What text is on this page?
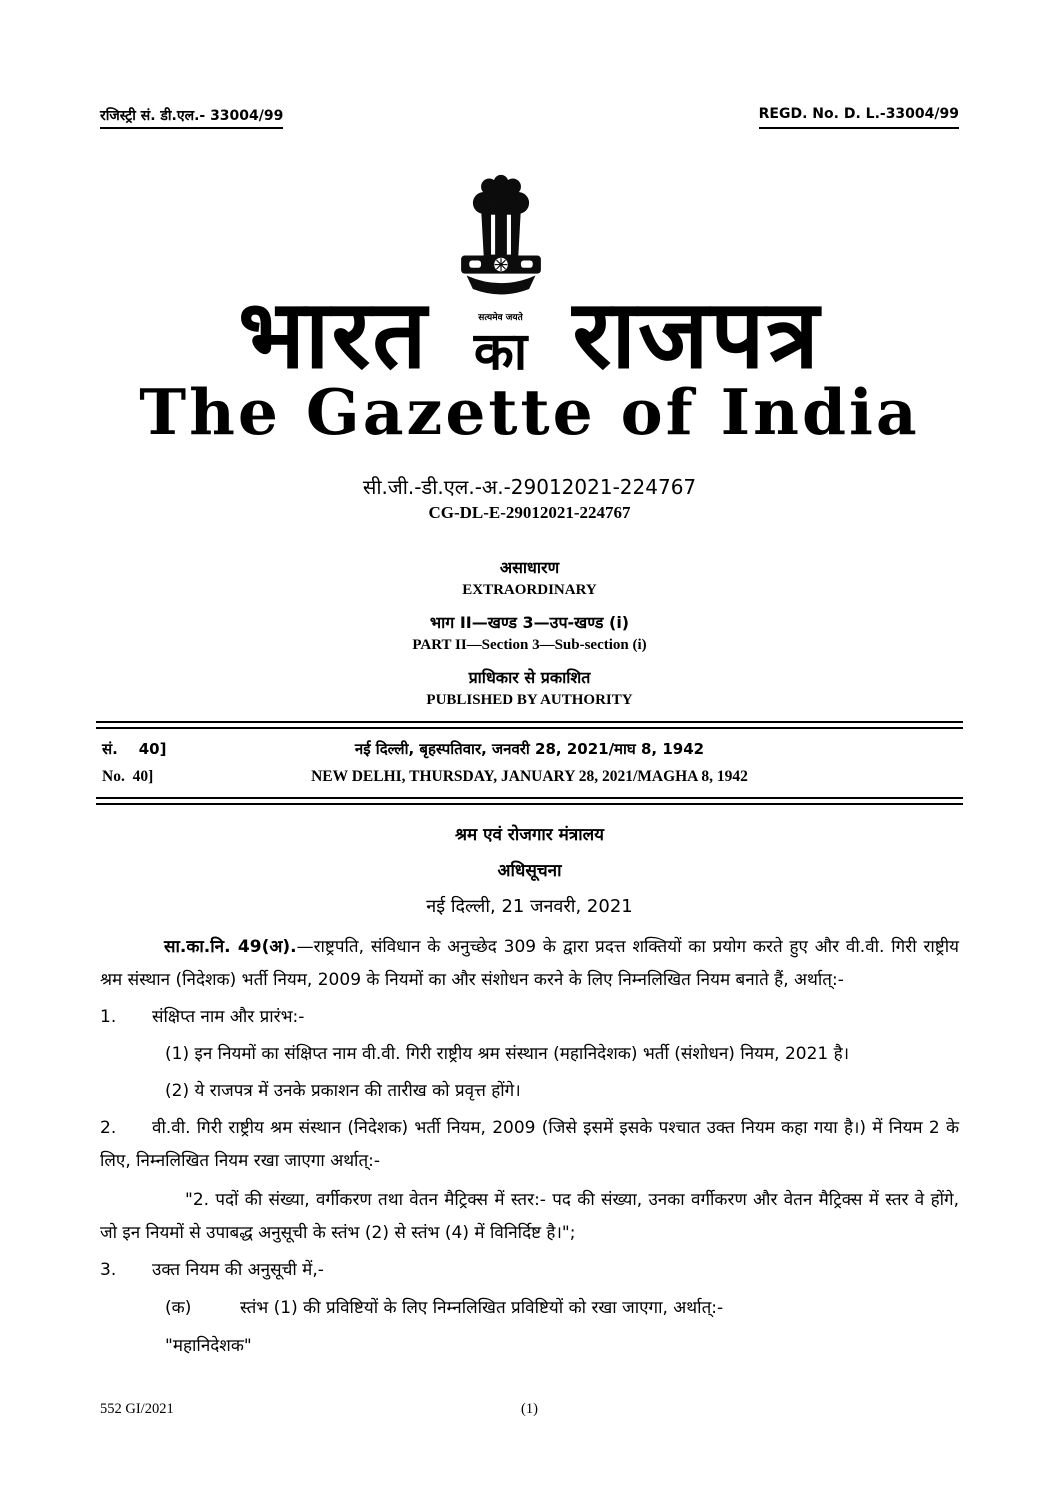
रजिस्ट्री सं. डी.एल.- 33004/99	REGD. No. D. L.-33004/99
भारत	सत्यमेव जयते
का राजपत्र
The Gazette of India
सी.जी.-डी.एल.-अ.-29012021-224767
CG-DL-E-29012021-224767
असाधारण
EXTRAORDINARY
भाग II—खण्ड 3—उप-खण्ड (i)
PART II—Section 3—Sub-section (i)
प्राधिकार से प्रकाशित
PUBLISHED BY AUTHORITY
सं.    40]	नई दिल्ली, बृहस्पतिवार, जनवरी 28, 2021/माघ 8, 1942
No.  40]	NEW DELHI, THURSDAY, JANUARY 28, 2021/MAGHA 8, 1942
श्रम एवं रोजगार मंत्रालय
अधिसूचना
नई दिल्ली, 21 जनवरी, 2021

सा.का.नि. 49(अ).—राष्ट्रपति, संविधान के अनुच्छेद 309 के द्वारा प्रदत्त शक्तियों का प्रयोग करते हुए और वी.वी. गिरी राष्ट्रीय श्रम संस्थान (निदेशक) भर्ती नियम, 2009 के नियमों का और संशोधन करने के लिए निम्नलिखित नियम बनाते हैं, अर्थात्:-

1. संक्षिप्त नाम और प्रारंभ:-

(1) इन नियमों का संक्षिप्त नाम वी.वी. गिरी राष्ट्रीय श्रम संस्थान (महानिदेशक) भर्ती (संशोधन) नियम, 2021 है।

(2) ये राजपत्र में उनके प्रकाशन की तारीख को प्रवृत्त होंगे।

2. वी.वी. गिरी राष्ट्रीय श्रम संस्थान (निदेशक) भर्ती नियम, 2009 (जिसे इसमें इसके पश्चात उक्त नियम कहा गया है।) में नियम 2 के लिए, निम्नलिखित नियम रखा जाएगा अर्थात्:-

"2. पदों की संख्या, वर्गीकरण तथा वेतन मैट्रिक्स में स्तर:- पद की संख्या, उनका वर्गीकरण और वेतन मैट्रिक्स में स्तर वे होंगे, जो इन नियमों से उपाबद्ध अनुसूची के स्तंभ (2) से स्तंभ (4) में विनिर्दिष्ट है।";

3. उक्त नियम की अनुसूची में,-

(क)	स्तंभ (1) की प्रविष्टियों के लिए निम्नलिखित प्रविष्टियों को रखा जाएगा, अर्थात्:-

"महानिदेशक"

552 GI/2021	(1)
